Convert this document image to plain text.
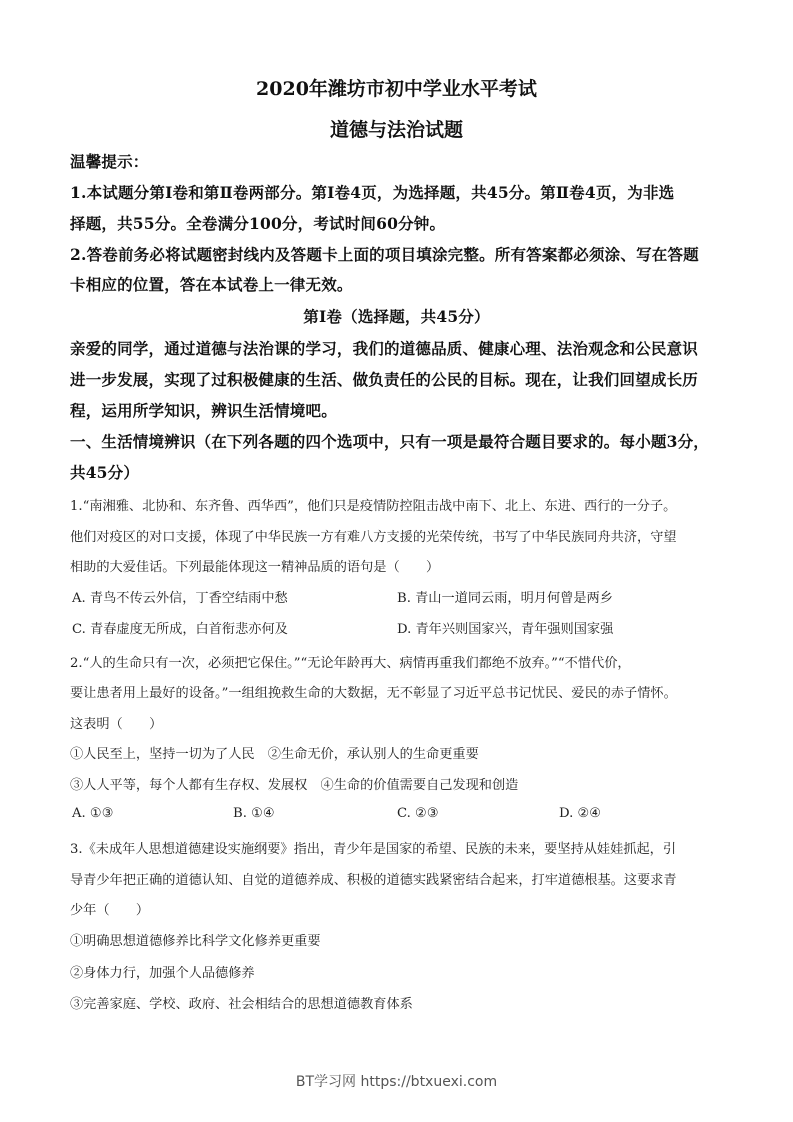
2020年潍坊市初中学业水平考试
道德与法治试题
温馨提示：
1.本试题分第Ⅰ卷和第Ⅱ卷两部分。第Ⅰ卷4页，为选择题，共45分。第Ⅱ卷4页，为非选
择题，共55分。全卷满分100分，考试时间60分钟。
2.答卷前务必将试题密封线内及答题卡上面的项目填涂完整。所有答案都必须涂、写在答题
卡相应的位置，答在本试卷上一律无效。
第Ⅰ卷（选择题，共45分）
亲爱的同学，通过道德与法治课的学习，我们的道德品质、健康心理、法治观念和公民意识
进一步发展，实现了过积极健康的生活、做负责任的公民的目标。现在，让我们回望成长历
程，运用所学知识，辨识生活情境吧。
一、生活情境辨识（在下列各题的四个选项中，只有一项是最符合题目要求的。每小题3分，
共45分）
1.“南湘雅、北协和、东齐鲁、西华西”，他们只是疫情防控阻击战中南下、北上、东进、西行的一分子。
他们对疫区的对口支援，体现了中华民族一方有难八方支援的光荣传统，书写了中华民族同舟共济，守望
相助的大爱佳话。下列最能体现这一精神品质的语句是（　　）
A. 青鸟不传云外信，丁香空结雨中愁	B. 青山一道同云雨，明月何曾是两乡
C. 青春虚度无所成，白首衔悲亦何及	D. 青年兴则国家兴，青年强则国家强
2.“人的生命只有一次，必须把它保住。”“无论年龄再大、病情再重我们都绝不放弃。”“不惜代价，
要让患者用上最好的设备。”一组组挽救生命的大数据，无不彰显了习近平总书记忧民、爱民的赤子情怀。
这表明（　　）
①人民至上，坚持一切为了人民　②生命无价，承认别人的生命更重要
③人人平等，每个人都有生存权、发展权　④生命的价值需要自己发现和创造
A. ①③	B. ①④	C. ②③	D. ②④
3.《未成年人思想道德建设实施纲要》指出，青少年是国家的希望、民族的未来，要坚持从娃娃抓起，引
导青少年把正确的道德认知、自觉的道德养成、积极的道德实践紧密结合起来，打牢道德根基。这要求青
少年（　　）
①明确思想道德修养比科学文化修养更重要
②身体力行，加强个人品德修养
③完善家庭、学校、政府、社会相结合的思想道德教育体系
BT学习网 https://btxuexi.com
